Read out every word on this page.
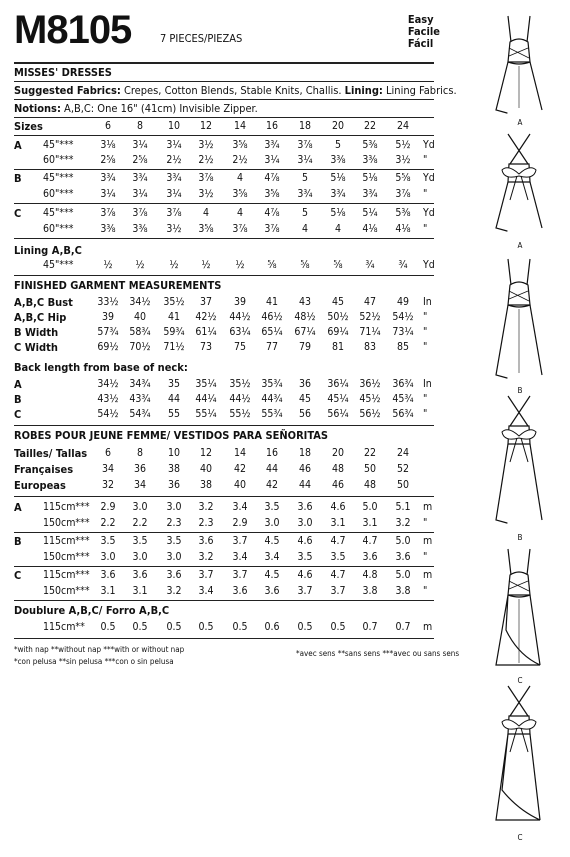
M8105	7 PIECES/PIEZAS
Easy
Facile
Fácil
MISSES' DRESSES
Suggested Fabrics: Crepes, Cotton Blends, Stable Knits, Challis. Lining: Lining Fabrics.
Notions: A,B,C: One 16" (41cm) Invisible Zipper.
Sizes	6 8 10 12 14 16 18 20 22 24
A 45"***	3⅛ 3¼ 3¼ 3½ 3⅝ 3¾ 3⅞ 5 5⅜ 5½ Yd
60"***	2⅝ 2⅝ 2½ 2½ 2½ 3¼ 3¼ 3⅜ 3⅜ 3½ "
B 45"***	3¾ 3¾ 3¾ 3⅞ 4 4⅞ 5 5⅛ 5⅛ 5⅝ Yd
60"***	3¼ 3¼ 3¼ 3½ 3⅝ 3⅝ 3¾ 3¾ 3¾ 3⅞ "
C 45"***	3⅞ 3⅞ 3⅞ 4	4 4⅞ 5 5⅛ 5¼ 5⅜ Yd
60"***	3⅜ 3⅜ 3½ 3⅝ 3⅞ 3⅞ 4	4 4⅛ 4⅛ "
Lining A,B,C
45"***	½ ½ ½ ½ ½ ⅝ ⅝ ⅝ ¾ ¾ Yd
FINISHED GARMENT MEASUREMENTS
A,B,C Bust 33½ 34½ 35½ 37 39 41 43 45 47 49 In
A,B,C Hip	39 40 41 42½ 44½ 46½ 48½ 50½ 52½ 54½ "
B Width	57¾ 58¾ 59¾ 61¼ 63¼ 65¼ 67¼ 69¼ 71¼ 73¼ "
C Width	69½ 70½ 71½ 73 75 77 79 81 83 85 "
Back length from base of neck:
A	34½ 34¾ 35 35¼ 35½ 35¾ 36 36¼ 36½ 36¾ In
B	43½ 43¾ 44 44¼ 44½ 44¾ 45 45¼ 45½ 45¾ "
C	54½ 54¾ 55 55¼ 55½ 55¾ 56 56¼ 56½ 56¾ "
ROBES POUR JEUNE FEMME/ VESTIDOS PARA SEÑORITAS
Tailles/ Tallas 6 8 10 12 14 16 18 20 22 24
Françaises	34 36 38 40 42 44 46 48 50 52
Europeas	32 34 36 38 40 42 44 46 48 50
A 115cm*** 2.9 3.0 3.0 3.2 3.4 3.5 3.6 4.6 5.0 5.1 m
150cm*** 2.2 2.2 2.3 2.3 2.9 3.0 3.0 3.1 3.1 3.2 "
B 115cm*** 3.5 3.5 3.5 3.6 3.7 4.5 4.6 4.7 4.7 5.0 m
150cm*** 3.0 3.0 3.0 3.2 3.4 3.4 3.5 3.5 3.6 3.6 "
C 115cm*** 3.6 3.6 3.6 3.7 3.7 4.5 4.6 4.7 4.8 5.0 m
150cm*** 3.1 3.1 3.2 3.4 3.6 3.6 3.7 3.7 3.8 3.8 "
Doublure A,B,C/ Forro A,B,C
115cm** 0.5 0.5 0.5 0.5 0.5 0.6 0.5 0.5 0.7 0.7 m
*with nap **without nap ***with or without nap	*avec sens **sans sens ***avec ou sans sens
*con pelusa **sin pelusa ***con o sin pelusa
A
A
B
B
C
C
